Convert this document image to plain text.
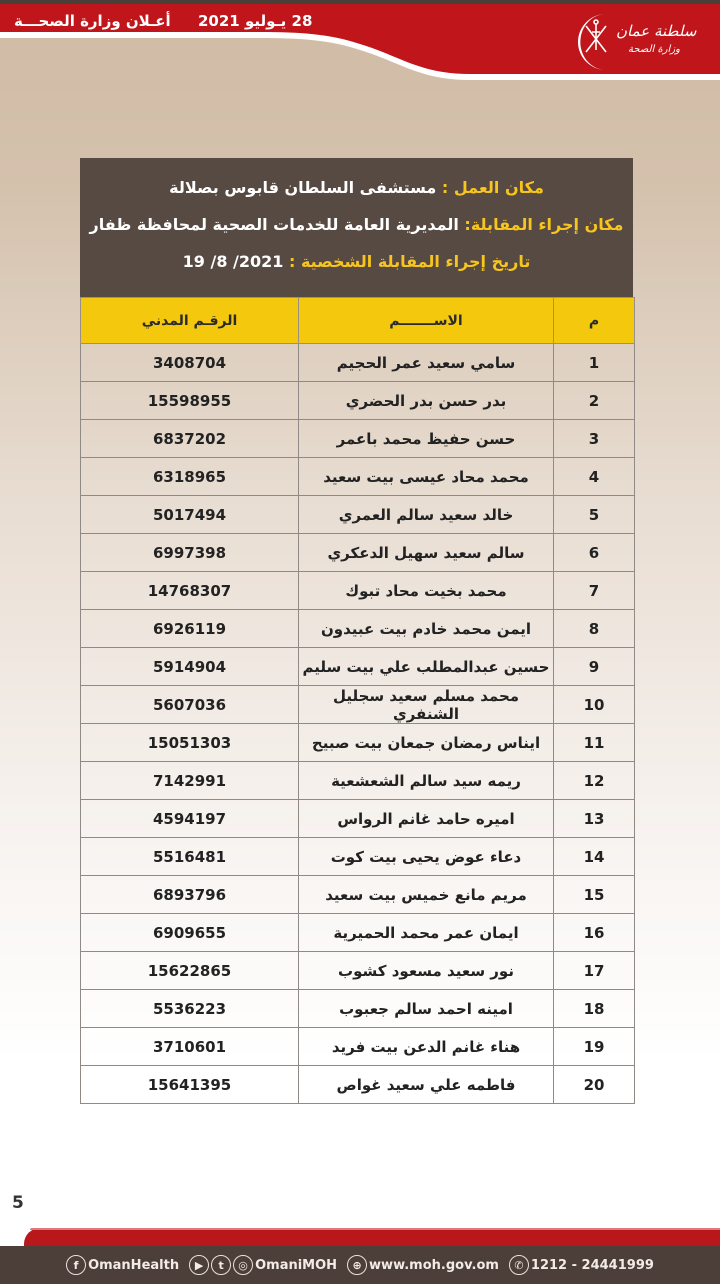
أعـلان وزارة الصحـــة 28 يـوليو 2021
سلطنة عمان
وزارة الصحة
مكان العمل : مستشفى السلطان قابوس بصلالة
مكان إجراء المقابلة: المديرية العامة للخدمات الصحية لمحافظة ظفار
تاريخ إجراء المقابلة الشخصية : 19 /8 /2021
م	الاســـــــم	الرقـم المدني
1	سامي سعيد عمر الحجيم	3408704
2	بدر حسن بدر الحضري	15598955
3	حسن حفيظ محمد باعمر	6837202
4	محمد محاد عيسى بيت سعيد	6318965
5	خالد سعيد سالم العمري	5017494
6	سالم سعيد سهيل الدعكري	6997398
7	محمد بخيت محاد تبوك	14768307
8	ايمن محمد خادم بيت عبيدون	6926119
9	حسين عبدالمطلب علي بيت سليم	5914904
10	محمد مسلم سعيد سجليل الشنفري	5607036
11	ايناس رمضان جمعان بيت صبيح	15051303
12	ريمه سيد سالم الشعشعية	7142991
13	اميره حامد غانم الرواس	4594197
14	دعاء عوض يحيى بيت كوت	5516481
15	مريم مانع خميس بيت سعيد	6893796
16	ايمان عمر محمد الحميرية	6909655
17	نور سعيد مسعود كشوب	15622865
18	امينه احمد سالم جعبوب	5536223
19	هناء غانم الدعن بيت فريد	3710601
20	فاطمه علي سعيد غواص	15641395
5
f OmanHealth	▶	t	◎ OmaniMOH	⊕ www.moh.gov.om	✆ 1212 - 24441999
